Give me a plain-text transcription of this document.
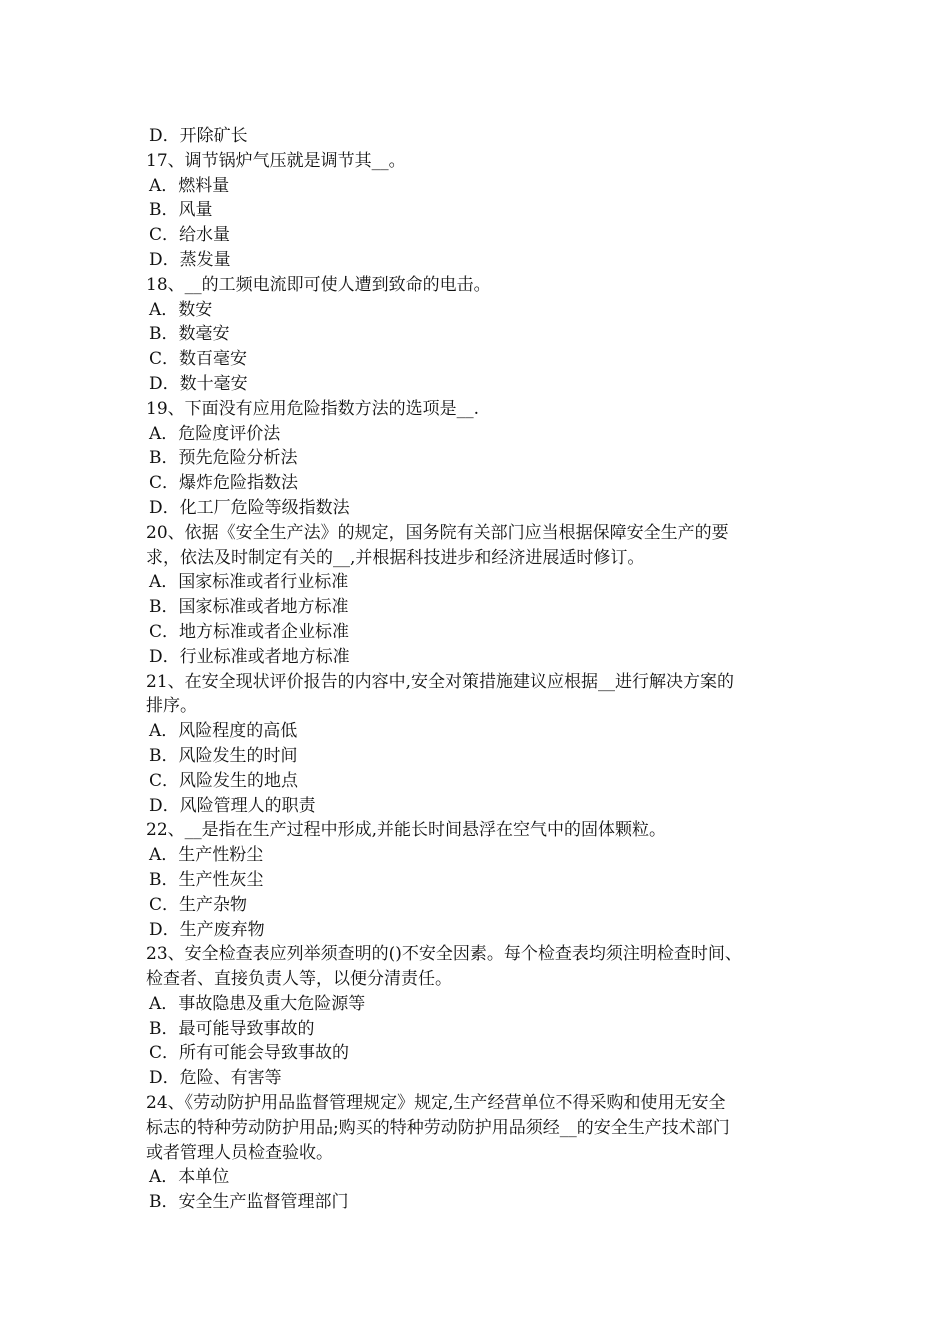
D．开除矿长
17、调节锅炉气压就是调节其__。
A．燃料量
B．风量
C．给水量
D．蒸发量
18、__的工频电流即可使人遭到致命的电击。
A．数安
B．数毫安
C．数百毫安
D．数十毫安
19、下面没有应用危险指数方法的选项是__.
A．危险度评价法
B．预先危险分析法
C．爆炸危险指数法
D．化工厂危险等级指数法
20、依据《安全生产法》的规定，国务院有关部门应当根据保障安全生产的要
求，依法及时制定有关的__,并根据科技进步和经济进展适时修订。
A．国家标准或者行业标准
B．国家标准或者地方标准
C．地方标准或者企业标准
D．行业标准或者地方标准
21、在安全现状评价报告的内容中,安全对策措施建议应根据__进行解决方案的
排序。
A．风险程度的高低
B．风险发生的时间
C．风险发生的地点
D．风险管理人的职责
22、__是指在生产过程中形成,并能长时间悬浮在空气中的固体颗粒。
A．生产性粉尘
B．生产性灰尘
C．生产杂物
D．生产废弃物
23、安全检查表应列举须查明的()不安全因素。每个检查表均须注明检查时间、
检查者、直接负责人等，以便分清责任。
A．事故隐患及重大危险源等
B．最可能导致事故的
C．所有可能会导致事故的
D．危险、有害等
24、《劳动防护用品监督管理规定》规定,生产经营单位不得采购和使用无安全
标志的特种劳动防护用品;购买的特种劳动防护用品须经__的安全生产技术部门
或者管理人员检查验收。
A．本单位
B．安全生产监督管理部门
